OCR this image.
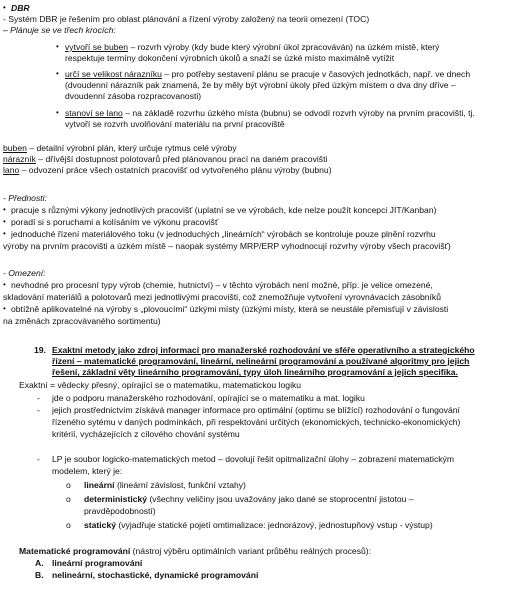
• DBR
- Systém DBR je řešením pro oblast plánování a řízení výroby založený na teorii omezení (TOC)
– Plánuje se ve třech krocích:
• vytvoří se buben – rozvrh výroby (kdy bude který výrobní úkol zpracováván) na úzkém místě, který
respektuje termíny dokončení výrobních úkolů a snaží se úzké místo maximálně vytížit
• určí se velikost nárazníku – pro potřeby sestavení plánu se pracuje v časových jednotkách, např. ve dnech
(dvoudenní nárazník pak znamená, že by měly být výrobní úkoly před úzkým místem o dva dny dříve –
dvoudenní zásoba rozpracovanosti)
• stanoví se lano – na základě rozvrhu úzkého místa (bubnu) se odvodí rozvrh výroby na prvním pracovišti, tj.
vytvoří se rozvrh uvolňování materiálu na první pracoviště
buben – detailní výrobní plán, který určuje rytmus celé výroby
nárazník – dřívější dostupnost polotovarů před plánovanou prací na daném pracovišti
lano – odvození práce všech ostatních pracovišť od vytvořeného plánu výroby (bubnu)
- Přednosti:
• pracuje s různými výkony jednotlivých pracovišť (uplatní se ve výrobách, kde nelze použít koncepci JIT/Kanban)
• poradí si s poruchami a kolísáním ve výkonu pracovišť
• jednoduché řízení materiálového toku (v jednoduchých „lineárních“ výrobách se kontroluje pouze plnění rozvrhu
výroby na prvním pracovišti a úzkém místě – naopak systémy MRP/ERP vyhodnocují rozvrhy výroby všech pracovišť)
- Omezení:
• nevhodné pro procesní typy výrob (chemie, hutnictví) – v těchto výrobách není možné, příp. je velice omezené,
skladování materiálů a polotovarů mezi jednotlivými pracovišti, což znemožňuje vytvoření vyrovnávacích zásobníků
• obtížně aplikovatelné na výroby s „plovoucími“ úzkými místy (úzkými místy, která se neustále přemisťují v závislosti
na změnách zpracovávaného sortimentu)
19. Exaktní metody jako zdroj informací pro manažerské rozhodování ve sféře operativního a strategického
řízení – matematické programování, lineární, nelineární programování a používané algoritmy pro jejich
řešení, základní věty lineárního programování, typy úloh lineárního programování a jejich specifika.
Exaktní = vědecky přesný, opírající se o matematiku, matematickou logiku
- jde o podporu manažerského rozhodování, opírající se o matematiku a mat. logiku
- jejich prostřednictvím získává manager informace pro optimální (optimu se blížící) rozhodování o fungování
řízeného sytému v daných podmínkách, při respektování určitých (ekonomických, technicko-ekonomických)
kritérií, vycházejících z cílového chování systému
- LP je soubor logicko-matematických metod – dovolují řešit opitmalizační úlohy – zobrazení matematickým
modelem, který je:
o lineární (lineární závislost, funkční vztahy)
o deterministický (všechny veličiny jsou uvažovány jako dané se stoprocentní jistotou –
pravděpodobností)
o statický (vyjadřuje statické pojetí omtimalizace: jednorázový, jednostupňový vstup - výstup)
Matematické programování (nástroj výběru optimálních variant průběhu reálných procesů):
A. lineární programování
B. nelineární, stochastické, dynamické programování
